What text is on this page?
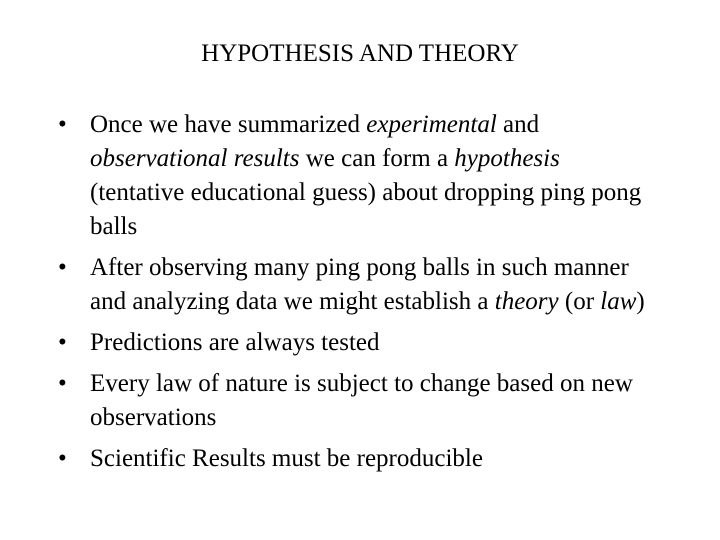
HYPOTHESIS AND THEORY
• Once we have summarized experimental and observational results we can form a hypothesis (tentative educational guess) about dropping ping pong balls
• After observing many ping pong balls in such manner and analyzing data we might establish a theory (or law)
• Predictions are always tested
• Every law of nature is subject to change based on new observations
• Scientific Results must be reproducible
